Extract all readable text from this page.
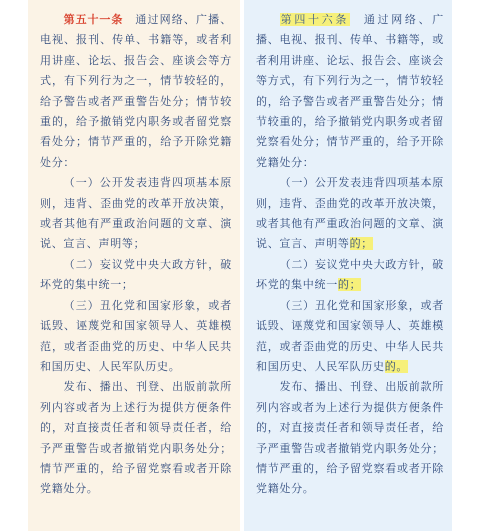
第五十一条　 通过网络、广播、电视、报刊、传单、书籍等，或者利用讲座、论坛、报告会、座谈会等方式，有下列行为之一，情节较轻的，给予警告或者严重警告处分；情节较重的，给予撤销党内职务或者留党察看处分；情节严重的，给予开除党籍处分：

（一）公开发表违背四项基本原则，违背、歪曲党的改革开放决策，或者其他有严重政治问题的文章、演说、宣言、声明等；

（二）妄议党中央大政方针，破坏党的集中统一；

（三）丑化党和国家形象，或者诋毁、诬蔑党和国家领导人、英雄模范，或者歪曲党的历史、中华人民共和国历史、人民军队历史。

发布、播出、刊登、出版前款所列内容或者为上述行为提供方便条件的，对直接责任者和领导责任者，给予严重警告或者撤销党内职务处分；情节严重的，给予留党察看或者开除党籍处分。

第四十六条　 通过网络、广播、电视、报刊、传单、书籍等，或者利用讲座、论坛、报告会、座谈会等方式，有下列行为之一，情节较轻的，给予警告或者严重警告处分；情节较重的，给予撤销党内职务或者留党察看处分；情节严重的，给予开除党籍处分：

（一）公开发表违背四项基本原则，违背、歪曲党的改革开放决策，或者其他有严重政治问题的文章、演说、宣言、声明等的；

（二）妄议党中央大政方针，破坏党的集中统一的；

（三）丑化党和国家形象，或者诋毁、诬蔑党和国家领导人、英雄模范，或者歪曲党的历史、中华人民共和国历史、人民军队历史的。

发布、播出、刊登、出版前款所列内容或者为上述行为提供方便条件的，对直接责任者和领导责任者，给予严重警告或者撤销党内职务处分；情节严重的，给予留党察看或者开除党籍处分。
